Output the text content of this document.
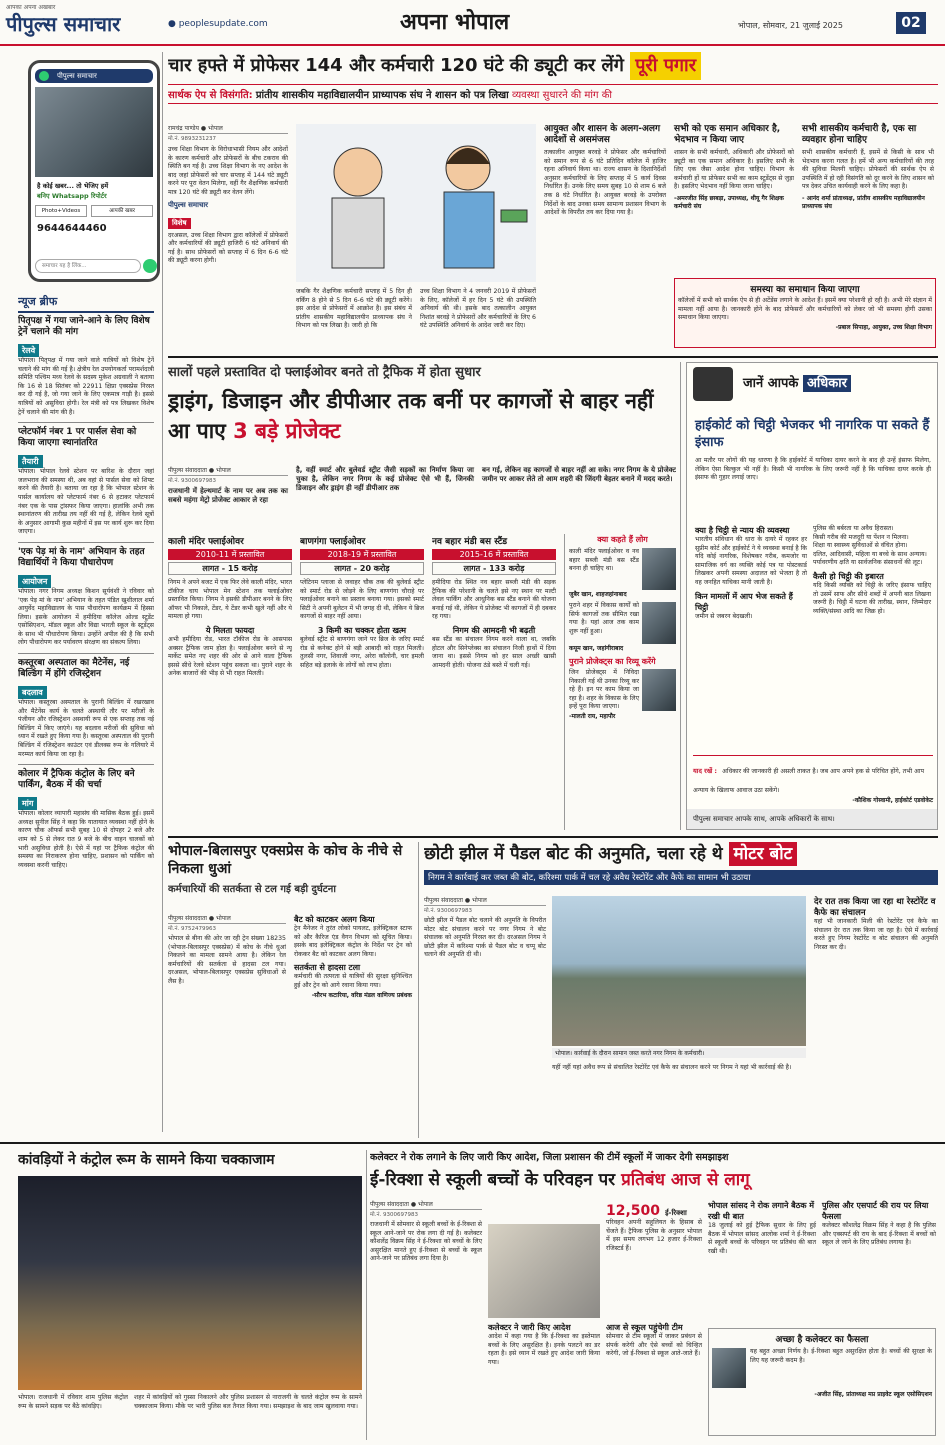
आपका अपना अखबार
पीपुल्स समाचार	● peoplesupdate.com	अपना भोपाल	भोपाल, सोमवार, 21 जुलाई 2025	02
पीपुल्स समाचार
है कोई खबर... तो भेजिए हमें
बनिए Whatsapp रिपोर्टर
Photo+Videos	आपकी खबर
9644644460
समाचार यह है लिंक...
न्यूज ब्रीफ
पितृपक्ष में गया जाने-आने के लिए विशेष ट्रेनें चलाने की मांग
रेलवे
भोपाल। पितृपक्ष में गया जाने वाले यात्रियों को विशेष ट्रेनें चलाने की मांग की गई है। क्षेत्रीय रेल उपयोगकर्ता परामर्शदात्री समिति पश्चिम मध्य रेलवे के सदस्य मुकेश अग्रवाली ने बताया कि 16 से 18 सितंबर को 22911 क्षिप्रा एक्सप्रेस निरस्त कर दी गई है, जो गया जाने के लिए एकमात्र गाड़ी है। इससे यात्रियों को असुविधा होगी। रेल मंत्री को पत्र लिखकर विशेष ट्रेनें चलाने की मांग की है।
प्लेटफॉर्म नंबर 1 पर पार्सल सेवा को किया जाएगा स्थानांतरित
तैयारी
भोपाल। भोपाल रेलवे स्टेशन पर बारिश के दौरान जहां जलभराव की समस्या थी, अब वहां से पार्सल सेवा को शिफ्ट करने की तैयारी है। बताया जा रहा है कि भोपाल स्टेशन के पार्सल कार्यालय को प्लेटफार्म नंबर 6 से हटाकर प्लेटफार्म नंबर एक के पास ट्रांसफर किया जाएगा। हालांकि अभी तक स्थानांतरण की तारीख तय नहीं की गई है, लेकिन रेलवे सूत्रों के अनुसार आगामी कुछ महीनों में इस पर कार्य शुरू कर दिया जाएगा।
'एक पेड़ मां के नाम' अभियान के तहत विद्यार्थियों ने किया पौधारोपण
आयोजन
भोपाल। नगर निगम अध्यक्ष किशन सूर्यवंशी ने रविवार को 'एक पेड़ मां के नाम' अभियान के तहत पंडित खुशीलाल शर्मा आयुर्वेद महाविद्यालय के पास पौधारोपण कार्यक्रम में हिस्सा लिया। इसके आयोजन में हमीदिया कॉलेज ओल्ड स्टूडेंट एसोसिएशन, मॉडल स्कूल और विद्या भारती स्कूल के स्टूडेंट्स के साथ भी पौधारोपण किया। उन्होंने अपील की है कि सभी लोग पौधारोपण कर पर्यावरण संरक्षण का संकल्प लिया।
कस्तूरबा अस्पताल का मैटेनेंस, नई बिल्डिंग में होंगे रजिस्ट्रेशन
बदलाव
भोपाल। कस्तूरबा अस्पताल के पुरानी बिल्डिंग में रखरखाव और मैटेनेंस कार्य के चलते अस्थायी तौर पर मरीजों के पंजीयन और रजिस्ट्रेशन अस्थायी रूप से एक सप्ताह तक नई बिल्डिंग में किए जाएंगे। यह बदलाव मरीजों की सुविधा को ध्यान में रखते हुए किया गया है। कस्तूरबा अस्पताल की पुरानी बिल्डिंग में रजिस्ट्रेशन काउंटर एवं डीलक्स रूम के गलियारे में मरम्मत कार्य किया जा रहा है।
कोलार में ट्रैफिक कंट्रोल के लिए बने पार्किंग, बैठक में की चर्चा
मांग
भोपाल। कोलार व्यापारी महासंघ की मासिक बैठक हुई। इसमें अध्यक्ष सुनील सिंह ने कहा कि यातायात व्यवस्था नहीं होने के कारण चौक ऑफर्स सभी सुबह 10 से दोपहर 2 बजे और शाम को 5 से लेकर रात 9 बजे के बीच वाहन चालकों को भारी असुविधा होती है। ऐसे में यहां पर ट्रैफिक कंट्रोल की समस्या का निराकरण होना चाहिए, प्रशासन को पार्किंग को व्यवस्था करनी चाहिए।
चार हफ्ते में प्रोफेसर 144 और कर्मचारी 120 घंटे की ड्यूटी कर लेंगे पूरी पगार
सार्थक ऐप से विसंगति: प्रांतीय शासकीय महाविद्यालयीन प्राध्यापक संघ ने शासन को पत्र लिखा व्यवस्था सुधारने की मांग की
रामचंद्र पाण्डेय ● भोपाल
मो.नं. 9893231237
उच्च शिक्षा विभाग के विरोधाभासी नियम और आदेशों के कारण कर्मचारी और प्रोफेसरों के बीच टकराव की स्थिति बन गई है। उच्च शिक्षा विभाग के नए आदेश के बाद जहां प्रोफेसरों को चार सप्ताह में 144 घंटे ड्यूटी करने पर पूरा वेतन मिलेगा, वहीं गैर शैक्षणिक कर्मचारी मात्र 120 घंटे की ड्यूटी कर वेतन लेंगे।
पीपुल्स समाचार
विशेष
दरअसल, उच्च शिक्षा विभाग द्वारा कॉलेजों में प्रोफेसरों और कर्मचारियों की ड्यूटी हाजिरी 6 घंटे अनिवार्य की गई है। साथ प्रोफेसरों को सप्ताह में 6 दिन 6-6 घंटे की ड्यूटी करना होगी।
जबकि गैर शैक्षणिक कर्मचारी सप्ताह में 5 दिन ही वर्किंग 8 होने से 5 दिन 6-6 घंटे की ड्यूटी करेंगे। इस आदेश से प्रोफेसरों में आक्रोश है। इस संबंध में प्रांतीय शासकीय महाविद्यालयीन प्राध्यापक संघ ने विभाग को पत्र लिखा है। जारी हो कि
उच्च शिक्षा विभाग ने 4 जनवरी 2019 में प्रोफेसरों के लिए, कॉलेजों में हर दिन 5 घंटे की उपस्थिति अनिवार्य की थी। इसके बाद तत्कालीन आयुक्त निशांत बरवड़े ने प्रोफेसरों और कर्मचारियों के लिए 6 घंटे उपस्थिति अनिवार्य के आदेश जारी कर दिए।
आयुक्त और शासन के अलग-अलग आदेशों से असमंजस
तत्कालीन आयुक्त बरवड़े ने प्रोफेसर और कर्मचारियों को समान रूप से 6 घंटे प्रतिदिन कॉलेज में हाजिर रहना अनिवार्य किया था। राज्य शासन के दिशानिर्देशों अनुसार कर्मचारियों के लिए सप्ताह में 5 कार्य दिवस निर्धारित हैं। उनके लिए समय सुबह 10 से शाम 6 बजे तक 8 घंटे निर्धारित है। आयुक्त बरवड़े के उपरोक्त निर्देशों के बाद उनका समय सामान्य प्रशासन विभाग के आदेशों के विपरीत तय कर दिया गया है।
सभी को एक समान अधिकार है, भेदभाव न किया जाए
शासन के सभी कर्मचारी, अधिकारी और प्रोफेसरों को ड्यूटी का एक समान अधिकार है। इसलिए सभी के लिए एक जैसा आदेश होना चाहिए। विभाग के कर्मचारी हों या प्रोफेसर सभी का काम स्टूडेंट्स से जुड़ा है। इसलिए भेदभाव नहीं किया जाना चाहिए।
-अमरजीत सिंह छाबड़ा, उपाध्यक्ष, थीयू गैर शिक्षक कर्मचारी संघ
सभी शासकीय कर्मचारी है, एक सा व्यवहार होना चाहिए
सभी शासकीय कर्मचारी हैं, इसमें से किसी के साथ भी भेदभाव करना गलत है। हमें भी अन्य कर्मचारियों की तरह की सुविधा मिलनी चाहिए। प्रोफेसरों की सार्थक ऐप से उपस्थिति में हो रही विसंगति को दूर करने के लिए शासन को पत्र देकर उचित कार्यवाही करने के लिए कहा है।
- आनंद शर्मा प्रांताध्यक्ष, प्रांतीय शासकीय महाविद्यालयीन प्राध्यापक संघ
समस्या का समाधान किया जाएगा
कॉलेजों में सभी को सार्थक ऐप से ही अटेंडेंस लगाने के आदेश हैं। इसमें क्या परेशानी हो रही है। अभी मेरे संज्ञान में मामला नहीं आया है। जानकारी होने के बाद प्रोफेसरों और कर्मचारियों को लेकर जो भी समस्या होगी उसका समाधान किया जाएगा।
-प्रबाल सिपाहा, आयुक्त, उच्च शिक्षा विभाग
सालों पहले प्रस्तावित दो फ्लाईओवर बनते तो ट्रैफिक में होता सुधार
ड्राइंग, डिजाइन और डीपीआर तक बनीं पर कागजों से बाहर नहीं आ पाए 3 बड़े प्रोजेक्ट
पीपुल्स संवाददाता ● भोपाल
मो.नं. 9300697983
राजधानी में हेल्थमार्ट के नाम पर अब तक का सबसे महंगा मेट्रो प्रोजेक्ट आकार ले रहा
है, वहीं स्मार्ट और बुलेवर्ड स्ट्रीट जैसी सड़कों का निर्माण किया जा चुका है, लेकिन नगर निगम के कई प्रोजेक्ट ऐसे भी हैं, जिनकी डिजाइन और ड्राइंग ही नहीं डीपीआर तक
बन गई, लेकिन वह कागजों से बाहर नहीं आ सके। नगर निगम के ये प्रोजेक्ट जमीन पर आकर लेते तो आम शहरी की जिंदगी बेहतर बनाने में मदद करते।
काली मंदिर फ्लाईओवर
2010-11 में प्रस्तावित
लागत - 15 करोड़
निगम ने अपने बजट में एक फिर लेवे काली मंदिर, भारत टॉकीज चाय भोपाल मेन स्टेशन तक फ्लाईओवर प्रस्तावित किया। निगम ने इसकी डीपीआर बनने के लिए ऑफर भी निकाले, टेंडर, ये टेंडर कभी खुले नहीं और ये मामला हो गया।
ये मिलता फायदा
अभी हमीदिया रोड, भारत टॉकीज रोड के आसपास अक्सर ट्रैफिक जाम होता है। फ्लाईओवर बनने से न्यू मार्केट समेत नए शहर की ओर से आने वाला ट्रैफिक इससे सीधे रेलवे स्टेशन पहुंच सकता था। पुराने शहर के अनेक बाजारों की भीड़ से भी राहत मिलती।
बाणगंगा फ्लाईओवर
2018-19 में प्रस्तावित
लागत - 20 करोड़
प्लेटिनम प्लाजा से जवाहर चौक तक की बुलेवर्ड स्ट्रीट को स्मार्ट रोड से जोड़ने के लिए बाणगंगा चौराहे पर फ्लाईओवर बनाने का प्रस्ताव बनाया गया। इसको स्मार्ट सिटी ने अपनी बुलेटन में भी जगह दी थी, लेकिन ये ब्रिज कागजों से बाहर नहीं आया।
3 किमी का चक्कर होता खत्म
बुलेवर्ड स्ट्रीट से बाणगंगा जाने पर ब्रिज के जरिए स्मार्ट रोड से कनेक्ट होने से बड़ी आबादी को राहत मिलती। तुलसी नगर, शिवाजी नगर, अरेरा कॉलोनी, चार इमली सहित बड़े इलाके के लोगों को लाभ होता।
नव बहार मंडी बस स्टैंड
2015-16 में प्रस्तावित
लागत - 133 करोड़
हमीदिया रोड स्थित नव बहार सब्जी मंडी की सड़क ट्रैफिक की परेशानी के चलते इसे नए स्थान पर मल्टी लेवल पार्किंग और आधुनिक बस स्टैंड बनाने की योजना बनाई गई थी, लेकिन ये प्रोजेक्ट भी कागजों में ही दबकर रह गया।
निगम की आमदनी भी बढ़ती
बस स्टैंड का संचालन निगम करने वाला था, जबकि होटल और सिनेप्लेक्स का संचालन निजी हाथों में दिया जाना था। इससे निगम को हर साल अच्छी खासी आमदनी होती। योजना ठंडे बस्ते में चली गई।
क्या कहते हैं लोग
काली मंदिर फ्लाईओवर व नव बहार सब्जी मंडी बस स्टैंड बनना ही चाहिए था।
जुबैर खान, शाहजहांनाबाद
पुराने शहर में विकास कार्यों को सिर्फ कागजों तक सीमित रखा गया है। यहां आज तक काम शुरू नहीं हुआ।
कयूम खान, जहांगीराबाद
पुराने प्रोजेक्ट्स का रिव्यू करेंगे
जिन प्रोजेक्ट्स में निविदा निकाली गई थी उनका रिव्यू कर रहे हैं। इन पर काम किया जा रहा है। शहर के विकास के लिए इन्हें पूरा किया जाएगा।
-मालती राय, महापौर
जानें आपके अधिकार
हाईकोर्ट को चिट्ठी भेजकर भी नागरिक पा सकते हैं इंसाफ
आ मतौर पर लोगों की यह धारणा है कि हाईकोर्ट में याचिका दायर करने के बाद ही उन्हें इंसाफ मिलेगा, लेकिन ऐसा बिल्कुल भी नहीं है। किसी भी नागरिक के लिए जरूरी नहीं है कि याचिका दायर करके ही इंसाफ की गुहार लगाई जाए।
क्या है चिट्ठी से न्याय की व्यवस्था
भारतीय संविधान की धारा के दायरे में रहकर हर सुप्रीम कोर्ट और हाईकोर्ट ने ये व्यवस्था बनाई है कि यदि कोई नागरिक, विशेषकर गरीब, कमजोर या सामाजिक वर्ग का व्यक्ति कोई पत्र या पोस्टकार्ड लिखकर अपनी समस्या अदालत को भेजता है तो वह जनहित याचिका मानी जाती है।
किन मामलों में आप भेज सकते हैं चिट्ठी
जमीन से जबरन बेदखली।
पुलिस की बर्बरता या अवैध हिरासत।
किसी गरीब की मजदूरी या पेंशन न मिलना।
शिक्षा या स्वास्थ्य सुविधाओं से वंचित होना।
दलित, आदिवासी, महिला या बच्चे के साथ अन्याय।
पर्यावरणीय क्षति या सार्वजनिक संसाधनों की लूट।
कैसी हो चिट्ठी की इबारत
यदि किसी व्यक्ति को चिट्ठी के जरिए इंसाफ चाहिए तो उसमें साफ और सीधे शब्दों में अपनी बात लिखना जरूरी है। चिट्ठी में घटना की तारीख, स्थान, जिम्मेदार व्यक्ति/संस्था आदि का जिक्र हो।
याद रखें : अधिकार की जानकारी ही असली ताकत है। जब आप अपने हक से परिचित होंगे, तभी आप अन्याय के खिलाफ आवाज उठा सकेंगे।
-कौशिक गोस्वामी, हाईकोर्ट एडवोकेट
पीपुल्स समाचार आपके साथ, आपके अधिकारों के साथ।
भोपाल-बिलासपुर एक्सप्रेस के कोच के नीचे से निकला धुआं
कर्मचारियों की सतर्कता से टल गई बड़ी दुर्घटना
पीपुल्स संवाददाता ● भोपाल
मो.नं. 9752479963
भोपाल से बीना की ओर जा रही ट्रेन संख्या 18235 (भोपाल-बिलासपुर एक्सप्रेस) में कोच के नीचे धुआं निकलने का मामला सामने आया है। लेकिन रेल कर्मचारियों की सतर्कता से हादसा टल गया। दरअसल, भोपाल-बिलासपुर एक्सप्रेस सुविधाओं से लैस है।
बैट को काटकर अलग किया
ट्रेन मैनेजर ने तुरंत लोको पायलट, इलेक्ट्रिकल स्टाफ को और कैरिज एंड वैगन विभाग को सूचित किया। इसके बाद इलेक्ट्रिकल कंट्रोल के निर्देश पर ट्रेन को रोककर बैट को काटकर अलग किया।
सतर्कता से हादसा टला
कर्मचारी की तत्परता से यात्रियों की सुरक्षा सुनिश्चित हुई और ट्रेन को आगे रवाना किया गया।
-सौरभ कटारिया, वरिष्ठ मंडल वाणिज्य प्रबंधक
छोटी झील में पैडल बोट की अनुमति, चला रहे थे मोटर बोट
निगम ने कार्रवाई कर जब्त की बोट, करिश्मा पार्क में चल रहे अवैध रेस्टोरेंट और कैफे का सामान भी उठाया
पीपुल्स संवाददाता ● भोपाल
मो.नं. 9300697983
छोटी झील में पैडल बोट चलाने की अनुमति के विपरीत मोटर बोट संचालन करने पर नगर निगम ने बोट संचालक को अनुमति निरस्त कर दी। दरअसल निगम ने छोटी झील में करिश्मा पार्क से पैडल बोट व चप्पू बोट चलाने की अनुमति दी थी।
भोपाल। कार्रवाई के दौरान सामान जब्त करते नगर निगम के कर्मचारी।
यहीं नहीं यहां अवैध रूप से संचालित रेस्टोरेंट एवं कैफे का संचालन करने पर निगम ने यहां भी कार्रवाई की है।
देर रात तक किया जा रहा था रेस्टोरेंट व कैफे का संचालन
यहां भी जानकारी मिली की रेस्टोरेंट एवं कैफे का संचालन देर रात तक किया जा रहा है। ऐसे में कार्रवाई करते हुए निगम रेस्टोरेंट व बोट संचालन की अनुमति निरस्त कर दी।
कांवड़ियों ने कंट्रोल रूम के सामने किया चक्काजाम
भोपाल। राजधानी में रविवार शाम पुलिस कंट्रोल रूम के सामने सड़क पर बैठे कांवड़िए।
शहर में कांवड़ियों को गुस्सा निकालने और पुलिस प्रशासन से नाराजगी के चलते कंट्रोल रूम के सामने चक्काजाम किया। मौके पर भारी पुलिस बल तैनात किया गया। समझाइश के बाद जाम खुलवाया गया।
कलेक्टर ने रोक लगाने के लिए जारी किए आदेश, जिला प्रशासन की टीमें स्कूलों में जाकर देगी समझाइश
ई-रिक्शा से स्कूली बच्चों के परिवहन पर प्रतिबंध आज से लागू
पीपुल्स संवाददाता ● भोपाल
मो.नं. 9300697983
राजधानी में सोमवार से स्कूली बच्चों के ई-रिक्शा से स्कूल आने-जाने पर रोक लगा दी गई है। कलेक्टर कौशलेंद्र विक्रम सिंह ने ई-रिक्शा को बच्चों के लिए असुरक्षित मानते हुए ई-रिक्शा से बच्चों के स्कूल आने-जाने पर प्रतिबंध लगा दिया है।
12,500 ई-रिक्शा
परिवहन अपनी सहूलियत के हिसाब से चेंजते हैं। ट्रैफिक पुलिस के अनुसार भोपाल में इस समय लगभग 12 हजार ई-रिक्शा रजिस्टर्ड हैं।
कलेक्टर ने जारी किए आदेश
आदेश में कहा गया है कि ई-रिक्शा का इस्तेमाल बच्चों के लिए असुरक्षित है। इनके पलटने का डर रहता है। इसे ध्यान में रखते हुए आदेश जारी किया गया।
आज से स्कूल पहुंचेगी टीम
सोमवार से टीम स्कूलों में जाकर प्रबंधन से संपर्क करेगी और ऐसे बच्चों को चिन्हित करेगी, जो ई-रिक्शा से स्कूल आते-जाते हैं।
भोपाल सांसद ने रोक लगाने बैठक में रखी थी बात
18 जुलाई को हुई ट्रैफिक सुधार के लिए हुई बैठक में भोपाल सांसद आलोक शर्मा ने ई-रिक्शा से स्कूली बच्चों के परिवहन पर प्रतिबंध की बात रखी थी।
पुलिस और एसपार्ट की राय पर लिया फैसला
कलेक्टर कौशलेंद्र विक्रम सिंह ने कहा है कि पुलिस और एक्सपर्ट की राय के बाद ई-रिक्शा में बच्चों को स्कूल ले जाने के लिए प्रतिबंध लगाया है।
अच्छा है कलेक्टर का फैसला
यह बहुत अच्छा निर्णय है। ई-रिक्शा बहुत असुरक्षित होता है। बच्चों की सुरक्षा के लिए यह जरूरी कदम है।
-अजीत सिंह, प्रांताध्यक्ष मप्र प्राइवेट स्कूल एसोसिएशन
